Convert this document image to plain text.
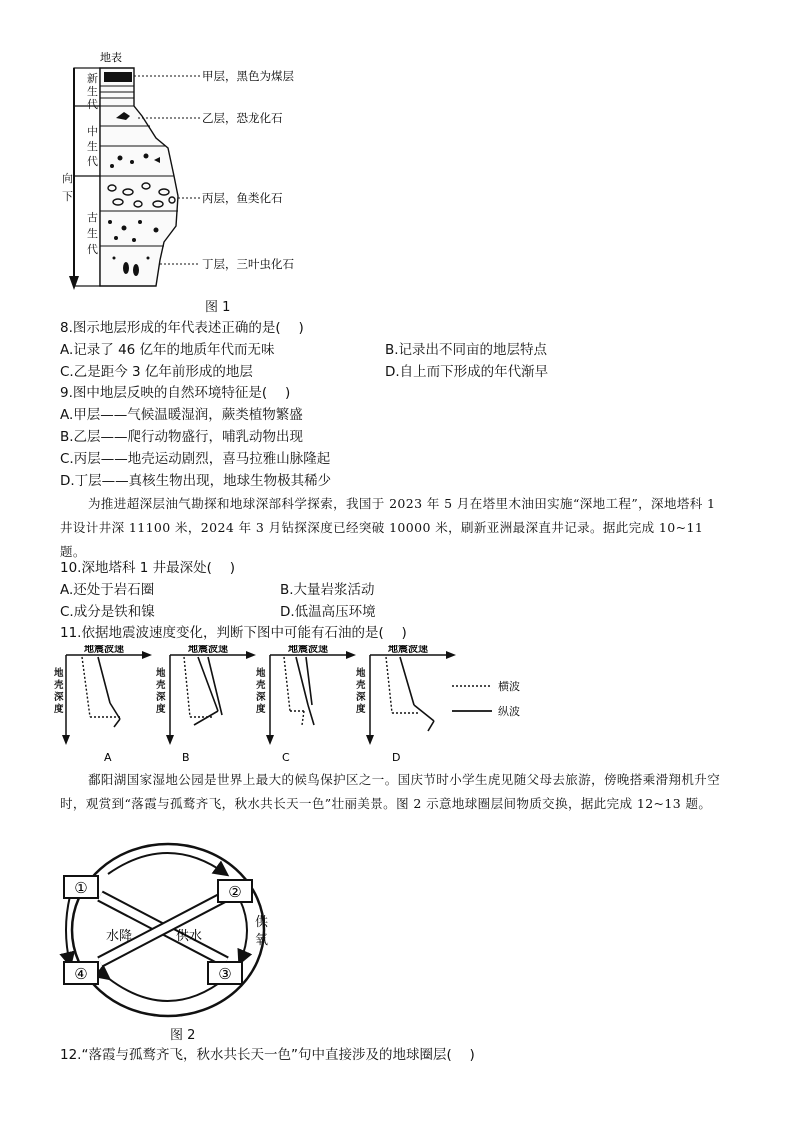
地表
甲层，黑色为煤层
乙层，恐龙化石
丙层，鱼类化石
丁层，三叶虫化石
新生代
中生代
古生代
向下
图 1
8.图示地层形成的年代表述正确的是(　 )
A.记录了 46 亿年的地质年代而无味	B.记录出不同亩的地层特点
C.乙是距今 3 亿年前形成的地层	D.自上而下形成的年代渐早
9.图中地层反映的自然环境特征是(　 )
A.甲层——气候温暖湿润，蕨类植物繁盛
B.乙层——爬行动物盛行，哺乳动物出现
C.丙层——地壳运动剧烈，喜马拉雅山脉隆起
D.丁层——真核生物出现，地球生物极其稀少
为推进超深层油气勘探和地球深部科学探索，我国于 2023 年 5 月在塔里木油田实施“深地工程”，深地塔科 1 井设计井深 11100 米，2024 年 3 月钻探深度已经突破 10000 米，刷新亚洲最深直井记录。据此完成 10~11 题。
10.深地塔科 1 井最深处(　 )
A.还处于岩石圈	B.大量岩浆活动
C.成分是铁和镍	D.低温高压环境
11.依据地震波速度变化，判断下图中可能有石油的是(　 )
地震波速	地震波速	地震波速	地震波速
A	B	C	D
横波
纵波
地壳深度
地壳深度
地壳深度
地壳深度
鄱阳湖国家湿地公园是世界上最大的候鸟保护区之一。国庆节时小学生虎见随父母去旅游，傍晚搭乘滑翔机升空时，观赏到“落霞与孤鹜齐飞，秋水共长天一色”壮丽美景。图 2 示意地球圈层间物质交换，据此完成 12~13 题。
①	②
④	③
水降	供水
供氧
图 2
12.“落霞与孤鹜齐飞，秋水共长天一色”句中直接涉及的地球圈层(　 )
